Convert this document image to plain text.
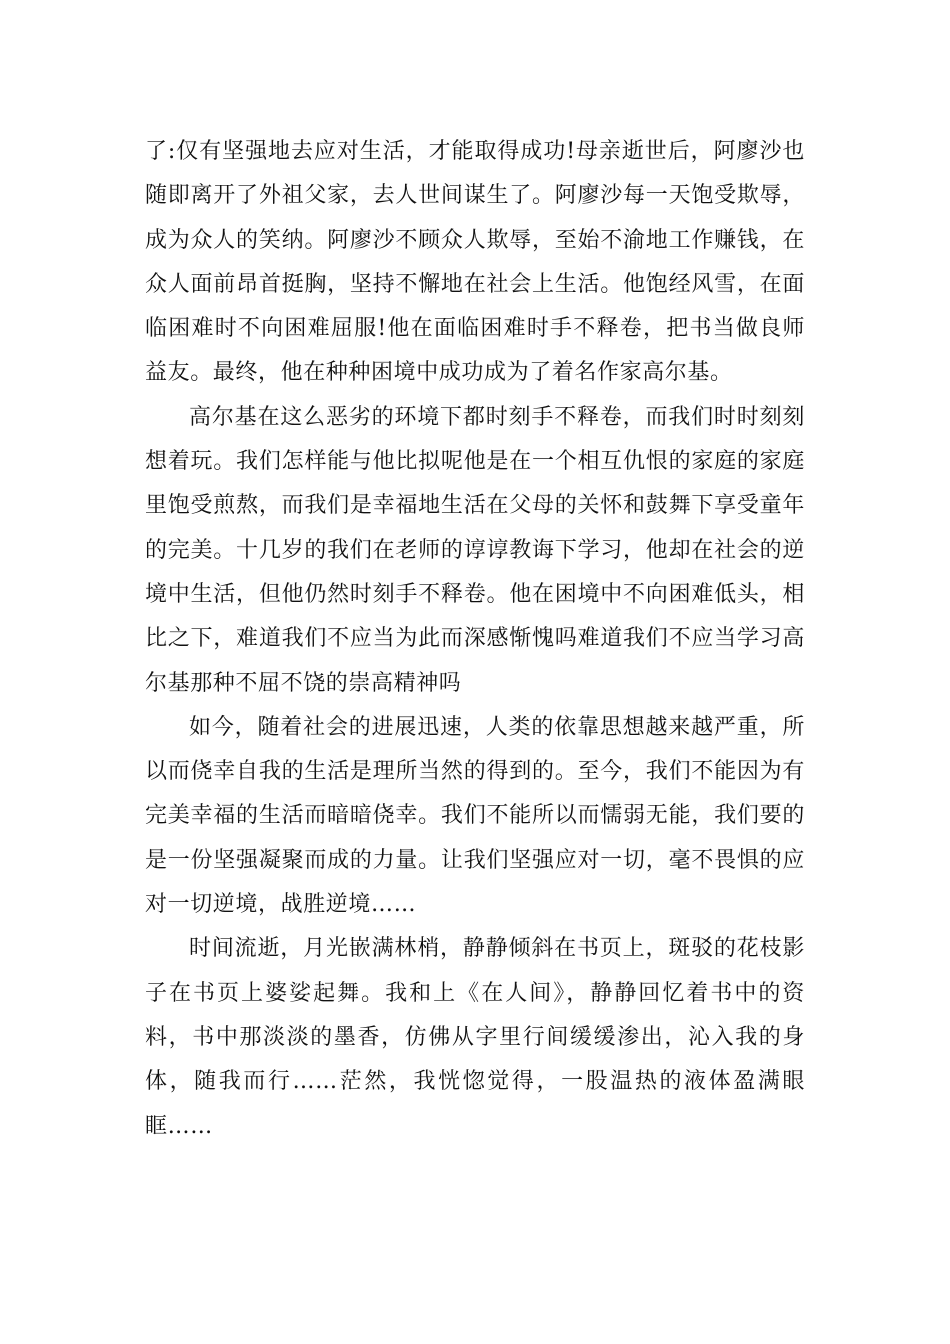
了:仅有坚强地去应对生活，才能取得成功!母亲逝世后，阿廖沙也随即离开了外祖父家，去人世间谋生了。阿廖沙每一天饱受欺辱，成为众人的笑纳。阿廖沙不顾众人欺辱，至始不渝地工作赚钱，在众人面前昂首挺胸，坚持不懈地在社会上生活。他饱经风雪，在面临困难时不向困难屈服!他在面临困难时手不释卷，把书当做良师益友。最终，他在种种困境中成功成为了着名作家高尔基。

高尔基在这么恶劣的环境下都时刻手不释卷，而我们时时刻刻想着玩。我们怎样能与他比拟呢他是在一个相互仇恨的家庭的家庭里饱受煎熬，而我们是幸福地生活在父母的关怀和鼓舞下享受童年的完美。十几岁的我们在老师的谆谆教诲下学习，他却在社会的逆境中生活，但他仍然时刻手不释卷。他在困境中不向困难低头，相比之下，难道我们不应当为此而深感惭愧吗难道我们不应当学习高尔基那种不屈不饶的崇高精神吗

如今，随着社会的进展迅速，人类的依靠思想越来越严重，所以而侥幸自我的生活是理所当然的得到的。至今，我们不能因为有完美幸福的生活而暗暗侥幸。我们不能所以而懦弱无能，我们要的是一份坚强凝聚而成的力量。让我们坚强应对一切，毫不畏惧的应对一切逆境，战胜逆境……

时间流逝，月光嵌满林梢，静静倾斜在书页上，斑驳的花枝影子在书页上婆娑起舞。我和上《在人间》，静静回忆着书中的资料，书中那淡淡的墨香，仿佛从字里行间缓缓渗出，沁入我的身体，随我而行……茫然，我恍惚觉得，一股温热的液体盈满眼眶……
